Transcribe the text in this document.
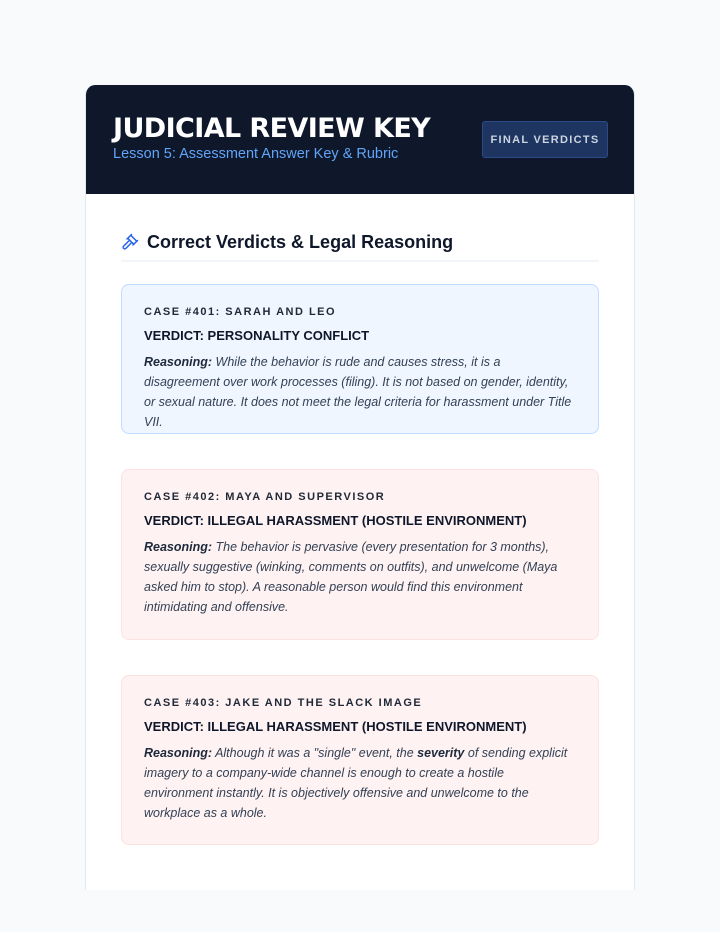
JUDICIAL REVIEW KEY
Lesson 5: Assessment Answer Key & Rubric
FINAL VERDICTS
Correct Verdicts & Legal Reasoning
CASE #401: SARAH AND LEO
VERDICT: PERSONALITY CONFLICT
Reasoning: While the behavior is rude and causes stress, it is a disagreement over work processes (filing). It is not based on gender, identity, or sexual nature. It does not meet the legal criteria for harassment under Title VII.
CASE #402: MAYA AND SUPERVISOR
VERDICT: ILLEGAL HARASSMENT (HOSTILE ENVIRONMENT)
Reasoning: The behavior is pervasive (every presentation for 3 months), sexually suggestive (winking, comments on outfits), and unwelcome (Maya asked him to stop). A reasonable person would find this environment intimidating and offensive.
CASE #403: JAKE AND THE SLACK IMAGE
VERDICT: ILLEGAL HARASSMENT (HOSTILE ENVIRONMENT)
Reasoning: Although it was a "single" event, the severity of sending explicit imagery to a company-wide channel is enough to create a hostile environment instantly. It is objectively offensive and unwelcome to the workplace as a whole.
